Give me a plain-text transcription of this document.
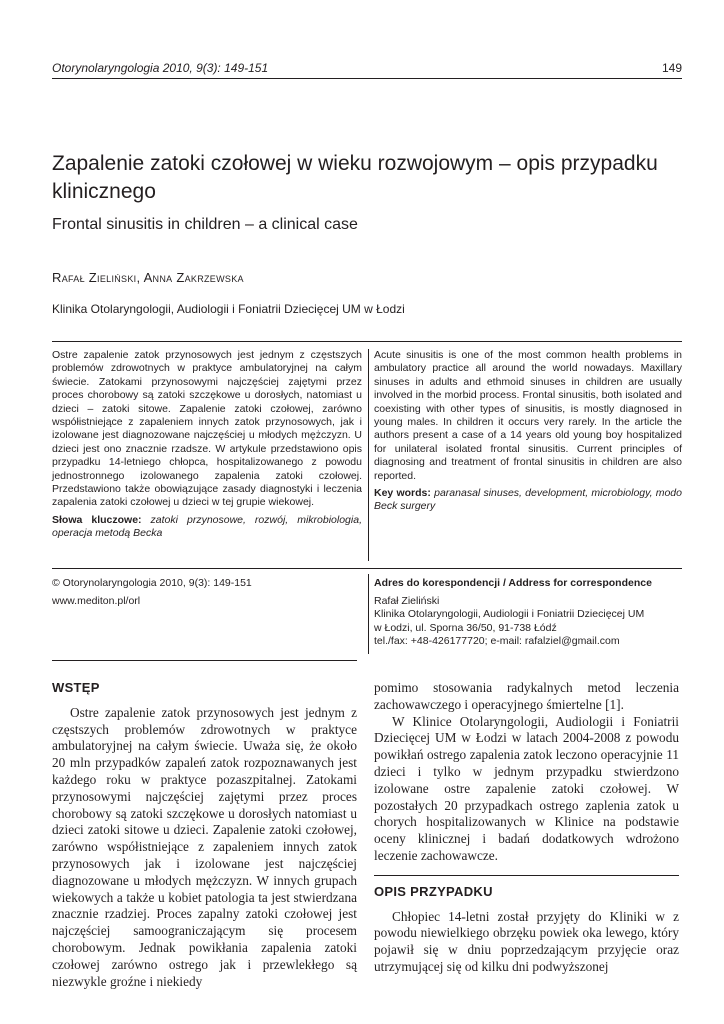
Otorynolaryngologia 2010, 9(3): 149-151	149
Zapalenie zatoki czołowej w wieku rozwojowym – opis przypadku klinicznego
Frontal sinusitis in children – a clinical case
Rafał Zieliński, Anna Zakrzewska
Klinika Otolaryngologii, Audiologii i Foniatrii Dziecięcej UM w Łodzi
Ostre zapalenie zatok przynosowych jest jednym z częstszych problemów zdrowotnych w praktyce ambulatoryjnej na całym świecie. Zatokami przynosowymi najczęściej zajętymi przez proces chorobowy są zatoki szczękowe u dorosłych, natomiast u dzieci – zatoki sitowe. Zapalenie zatoki czołowej, zarówno współistniejące z zapaleniem innych zatok przynosowych, jak i izolowane jest diagnozowane najczęściej u młodych mężczyzn. U dzieci jest ono znacznie rzadsze. W artykule przedstawiono opis przypadku 14-letniego chłopca, hospitalizowanego z powodu jednostronnego izolowanego zapalenia zatoki czołowej. Przedstawiono także obowiązujące zasady diagnostyki i leczenia zapalenia zatoki czołowej u dzieci w tej grupie wiekowej.
Słowa kluczowe: zatoki przynosowe, rozwój, mikrobiologia, operacja metodą Becka
Acute sinusitis is one of the most common health problems in ambulatory practice all around the world nowadays. Maxillary sinuses in adults and ethmoid sinuses in children are usually involved in the morbid process. Frontal sinusitis, both isolated and coexisting with other types of sinusitis, is mostly diagnosed in young males. In children it occurs very rarely. In the article the authors present a case of a 14 years old young boy hospitalized for unilateral isolated frontal sinusitis. Current principles of diagnosing and treatment of frontal sinusitis in children are also reported.
Key words: paranasal sinuses, development, microbiology, modo Beck surgery
© Otorynolaryngologia 2010, 9(3): 149-151
www.mediton.pl/orl
Adres do korespondencji / Address for correspondence
Rafał Zieliński
Klinika Otolaryngologii, Audiologii i Foniatrii Dziecięcej UM
w Łodzi, ul. Sporna 36/50, 91-738 Łódź
tel./fax: +48-426177720; e-mail: rafalziel@gmail.com
WSTĘP

Ostre zapalenie zatok przynosowych jest jednym z częstszych problemów zdrowotnych w praktyce ambulatoryjnej na całym świecie. Uważa się, że około 20 mln przypadków zapaleń zatok rozpoznawanych jest każdego roku w praktyce pozaszpitalnej. Zatokami przynosowymi najczęściej zajętymi przez proces chorobowy są zatoki szczękowe u dorosłych natomiast u dzieci zatoki sitowe u dzieci. Zapalenie zatoki czołowej, zarówno współistniejące z zapaleniem innych zatok przynosowych jak i izolowane jest najczęściej diagnozowane u młodych mężczyzn. W innych grupach wiekowych a także u kobiet patologia ta jest stwierdzana znacznie rzadziej. Proces zapalny zatoki czołowej jest najczęściej samoograniczającym się procesem chorobowym. Jednak powikłania zapalenia zatoki czołowej zarówno ostrego jak i przewlekłego są niezwykle groźne i niekiedy

pomimo stosowania radykalnych metod leczenia zachowawczego i operacyjnego śmiertelne [1].

W Klinice Otolaryngologii, Audiologii i Foniatrii Dziecięcej UM w Łodzi w latach 2004-2008 z powodu powikłań ostrego zapalenia zatok leczono operacyjnie 11 dzieci i tylko w jednym przypadku stwierdzono izolowane ostre zapalenie zatoki czołowej. W pozostałych 20 przypadkach ostrego zaplenia zatok u chorych hospitalizowanych w Klinice na podstawie oceny klinicznej i badań dodatkowych wdrożono leczenie zachowawcze.

OPIS PRZYPADKU

Chłopiec 14-letni został przyjęty do Kliniki w z powodu niewielkiego obrzęku powiek oka lewego, który pojawił się w dniu poprzedzającym przyjęcie oraz utrzymującej się od kilku dni podwyższonej
